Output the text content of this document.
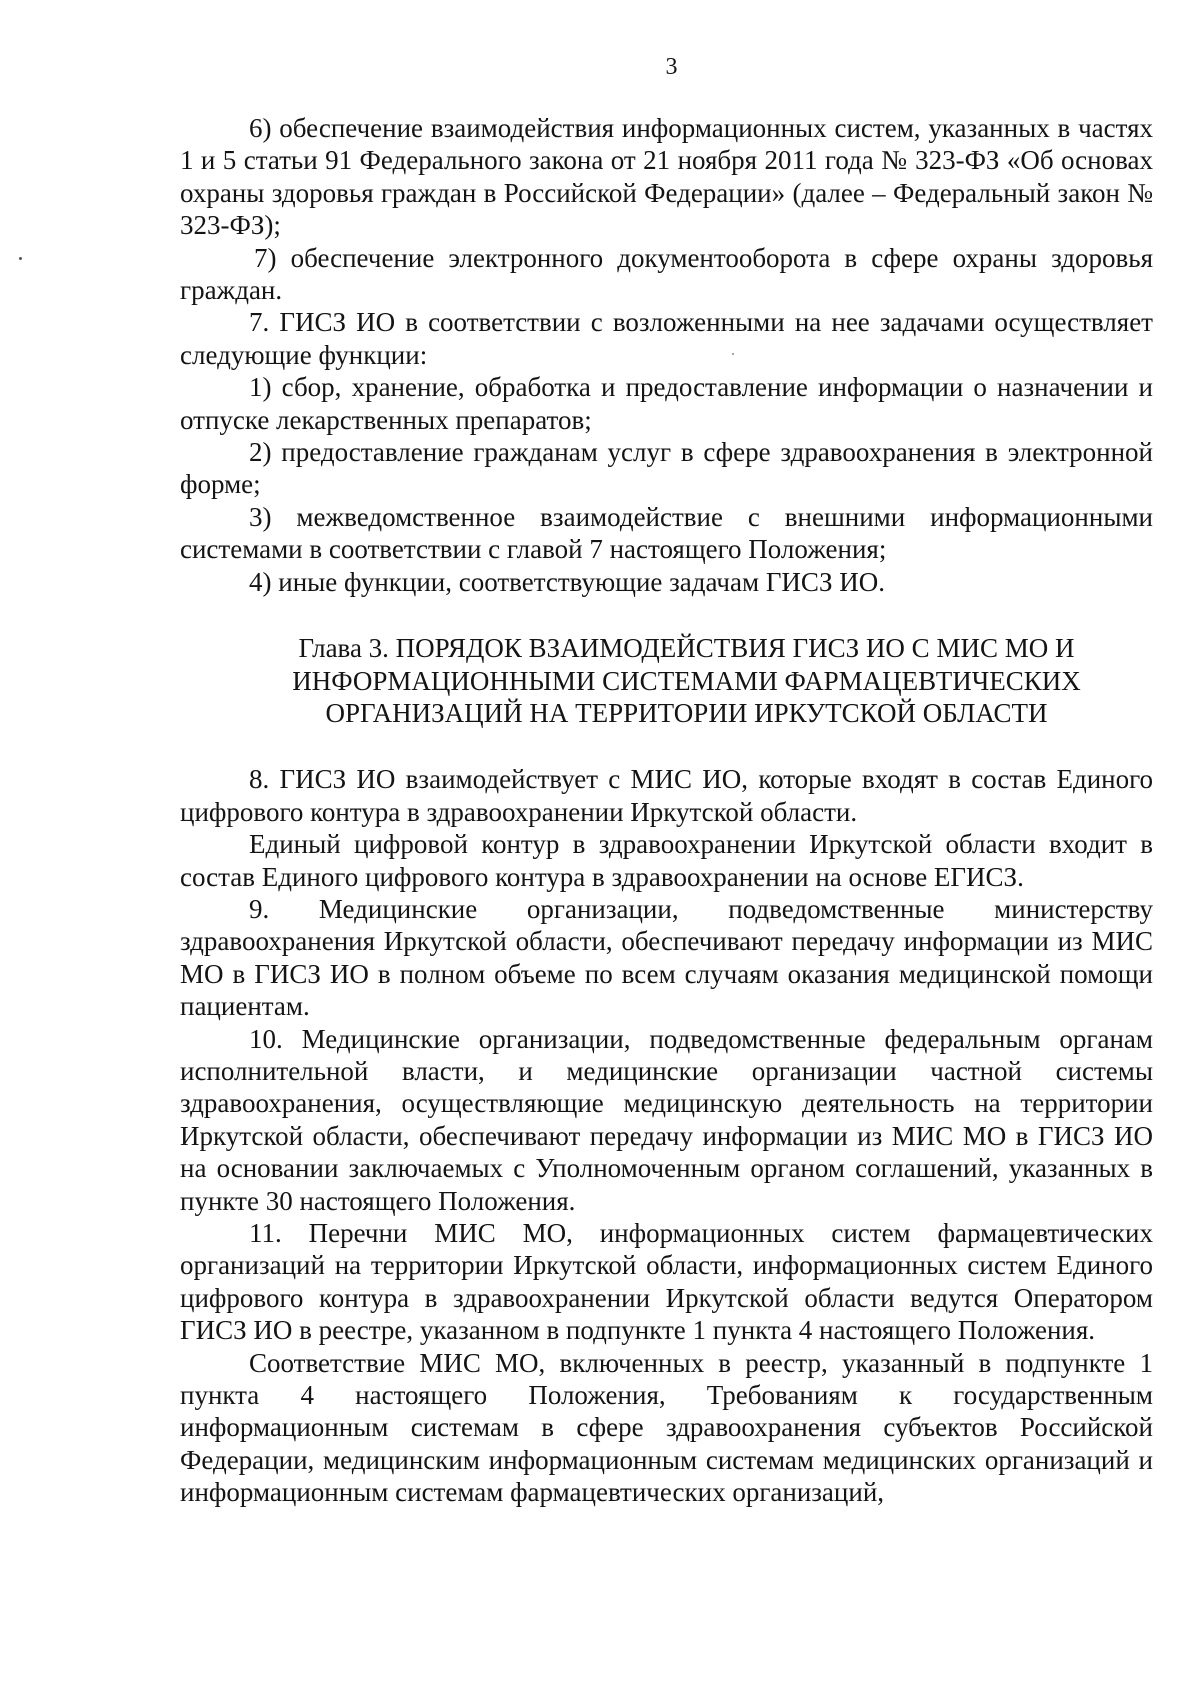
3

6) обеспечение взаимодействия информационных систем, указанных в частях 1 и 5 статьи 91 Федерального закона от 21 ноября 2011 года № 323-ФЗ «Об основах охраны здоровья граждан в Российской Федерации» (далее – Федеральный закон № 323-ФЗ);

7) обеспечение электронного документооборота в сфере охраны здоровья граждан.

7. ГИСЗ ИО в соответствии с возложенными на нее задачами осуществляет следующие функции:

1) сбор, хранение, обработка и предоставление информации о назначении и отпуске лекарственных препаратов;

2) предоставление гражданам услуг в сфере здравоохранения в электронной форме;

3) межведомственное взаимодействие с внешними информационными системами в соответствии с главой 7 настоящего Положения;

4) иные функции, соответствующие задачам ГИСЗ ИО.

Глава 3. ПОРЯДОК ВЗАИМОДЕЙСТВИЯ ГИСЗ ИО С МИС МО И
ИНФОРМАЦИОННЫМИ СИСТЕМАМИ ФАРМАЦЕВТИЧЕСКИХ
ОРГАНИЗАЦИЙ НА ТЕРРИТОРИИ ИРКУТСКОЙ ОБЛАСТИ

8. ГИСЗ ИО взаимодействует с МИС ИО, которые входят в состав Единого цифрового контура в здравоохранении Иркутской области.

Единый цифровой контур в здравоохранении Иркутской области входит в состав Единого цифрового контура в здравоохранении на основе ЕГИСЗ.

9. Медицинские организации, подведомственные министерству здравоохранения Иркутской области, обеспечивают передачу информации из МИС МО в ГИСЗ ИО в полном объеме по всем случаям оказания медицинской помощи пациентам.

10. Медицинские организации, подведомственные федеральным органам исполнительной власти, и медицинские организации частной системы здравоохранения, осуществляющие медицинскую деятельность на территории Иркутской области, обеспечивают передачу информации из МИС МО в ГИСЗ ИО на основании заключаемых с Уполномоченным органом соглашений, указанных в пункте 30 настоящего Положения.

11. Перечни МИС МО, информационных систем фармацевтических организаций на территории Иркутской области, информационных систем Единого цифрового контура в здравоохранении Иркутской области ведутся Оператором ГИСЗ ИО в реестре, указанном в подпункте 1 пункта 4 настоящего Положения.

Соответствие МИС МО, включенных в реестр, указанный в подпункте 1 пункта 4 настоящего Положения, Требованиям к государственным информационным системам в сфере здравоохранения субъектов Российской Федерации, медицинским информационным системам медицинских организаций и информационным системам фармацевтических организаций,
